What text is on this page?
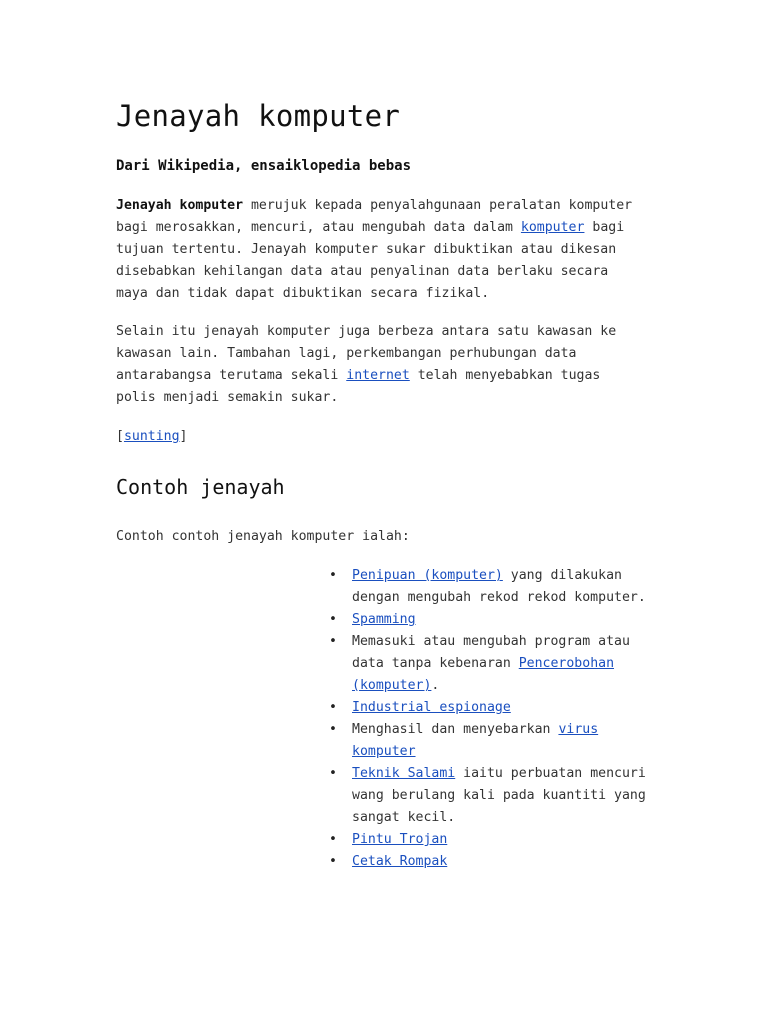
Jenayah komputer
Dari Wikipedia, ensaiklopedia bebas

Jenayah komputer merujuk kepada penyalahgunaan peralatan komputer bagi merosakkan, mencuri, atau mengubah data dalam komputer bagi tujuan tertentu. Jenayah komputer sukar dibuktikan atau dikesan disebabkan kehilangan data atau penyalinan data berlaku secara maya dan tidak dapat dibuktikan secara fizikal.

Selain itu jenayah komputer juga berbeza antara satu kawasan ke kawasan lain. Tambahan lagi, perkembangan perhubungan data antarabangsa terutama sekali internet telah menyebabkan tugas polis menjadi semakin sukar.

[sunting]

Contoh jenayah

Contoh contoh jenayah komputer ialah:

• Penipuan (komputer) yang dilakukan dengan mengubah rekod rekod komputer.
• Spamming
• Memasuki atau mengubah program atau data tanpa kebenaran Pencerobohan (komputer).
• Industrial espionage
• Menghasil dan menyebarkan virus komputer
• Teknik Salami iaitu perbuatan mencuri wang berulang kali pada kuantiti yang sangat kecil.
• Pintu Trojan
• Cetak Rompak
